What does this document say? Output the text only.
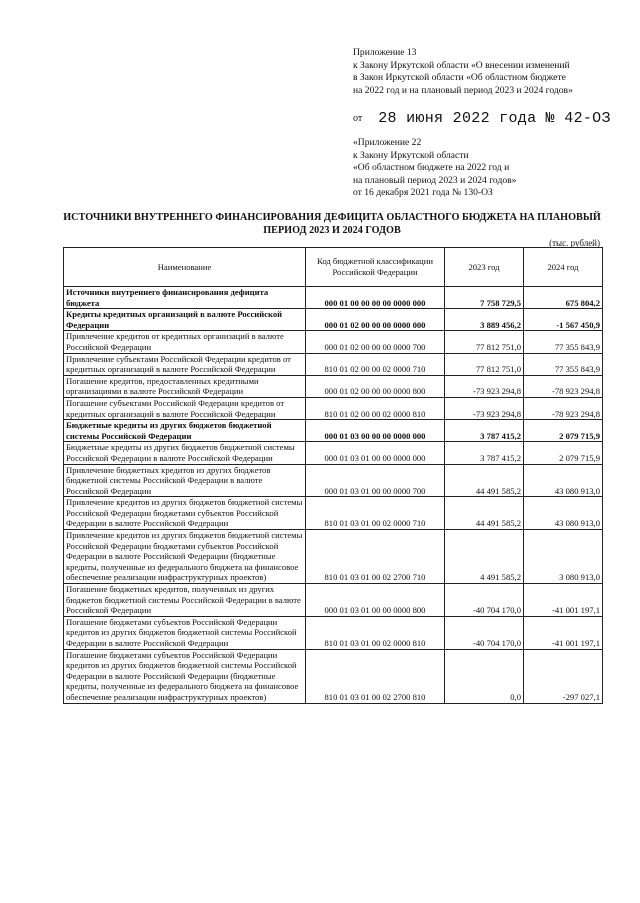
Приложение 13
к Закону Иркутской области «О внесении изменений
в Закон Иркутской области «Об областном бюджете
на 2022 год и на плановый период 2023 и 2024 годов»
от 28 июня 2022 года № 42-ОЗ
«Приложение 22
к Закону Иркутской области
«Об областном бюджете на 2022 год и
на плановый период 2023 и 2024 годов»
от 16 декабря 2021 года № 130-ОЗ
ИСТОЧНИКИ ВНУТРЕННЕГО ФИНАНСИРОВАНИЯ ДЕФИЦИТА ОБЛАСТНОГО БЮДЖЕТА НА ПЛАНОВЫЙ ПЕРИОД 2023 И 2024 ГОДОВ
(тыс. рублей)
Наименование	Код бюджетной классификации Российской Федерации	2023 год	2024 год
Источники внутреннего финансирования дефицита бюджета	000 01 00 00 00 00 0000 000	7 758 729,5	675 804,2
Кредиты кредитных организаций в валюте Российской Федерации	000 01 02 00 00 00 0000 000	3 889 456,2	-1 567 450,9
Привлечение кредитов от кредитных организаций в валюте Российской Федерации	000 01 02 00 00 00 0000 700	77 812 751,0	77 355 843,9
Привлечение субъектами Российской Федерации кредитов от кредитных организаций в валюте Российской Федерации	810 01 02 00 00 02 0000 710	77 812 751,0	77 355 843,9
Погашение кредитов, предоставленных кредитными организациями в валюте Российской Федерации	000 01 02 00 00 00 0000 800	-73 923 294,8	-78 923 294,8
Погашение субъектами Российской Федерации кредитов от кредитных организаций в валюте Российской Федерации	810 01 02 00 00 02 0000 810	-73 923 294,8	-78 923 294,8
Бюджетные кредиты из других бюджетов бюджетной системы Российской Федерации	000 01 03 00 00 00 0000 000	3 787 415,2	2 079 715,9
Бюджетные кредиты из других бюджетов бюджетной системы Российской Федерации в валюте Российской Федерации	000 01 03 01 00 00 0000 000	3 787 415,2	2 079 715,9
Привлечение бюджетных кредитов из других бюджетов бюджетной системы Российской Федерации в валюте Российской Федерации	000 01 03 01 00 00 0000 700	44 491 585,2	43 080 913,0
Привлечение кредитов из других бюджетов бюджетной системы Российской Федерации бюджетами субъектов Российской Федерации в валюте Российской Федерации	810 01 03 01 00 02 0000 710	44 491 585,2	43 080 913,0
Привлечение кредитов из других бюджетов бюджетной системы Российской Федерации бюджетами субъектов Российской Федерации в валюте Российской Федерации (бюджетные кредиты, полученные из федерального бюджета на финансовое обеспечение реализации инфраструктурных проектов)	810 01 03 01 00 02 2700 710	4 491 585,2	3 080 913,0
Погашение бюджетных кредитов, полученных из других бюджетов бюджетной системы Российской Федерации в валюте Российской Федерации	000 01 03 01 00 00 0000 800	-40 704 170,0	-41 001 197,1
Погашение бюджетами субъектов Российской Федерации кредитов из других бюджетов бюджетной системы Российской Федерации в валюте Российской Федерации	810 01 03 01 00 02 0000 810	-40 704 170,0	-41 001 197,1
Погашение бюджетами субъектов Российской Федерации кредитов из других бюджетов бюджетной системы Российской Федерации в валюте Российской Федерации (бюджетные кредиты, полученные из федерального бюджета на финансовое обеспечение реализации инфраструктурных проектов)	810 01 03 01 00 02 2700 810	0,0	-297 027,1
